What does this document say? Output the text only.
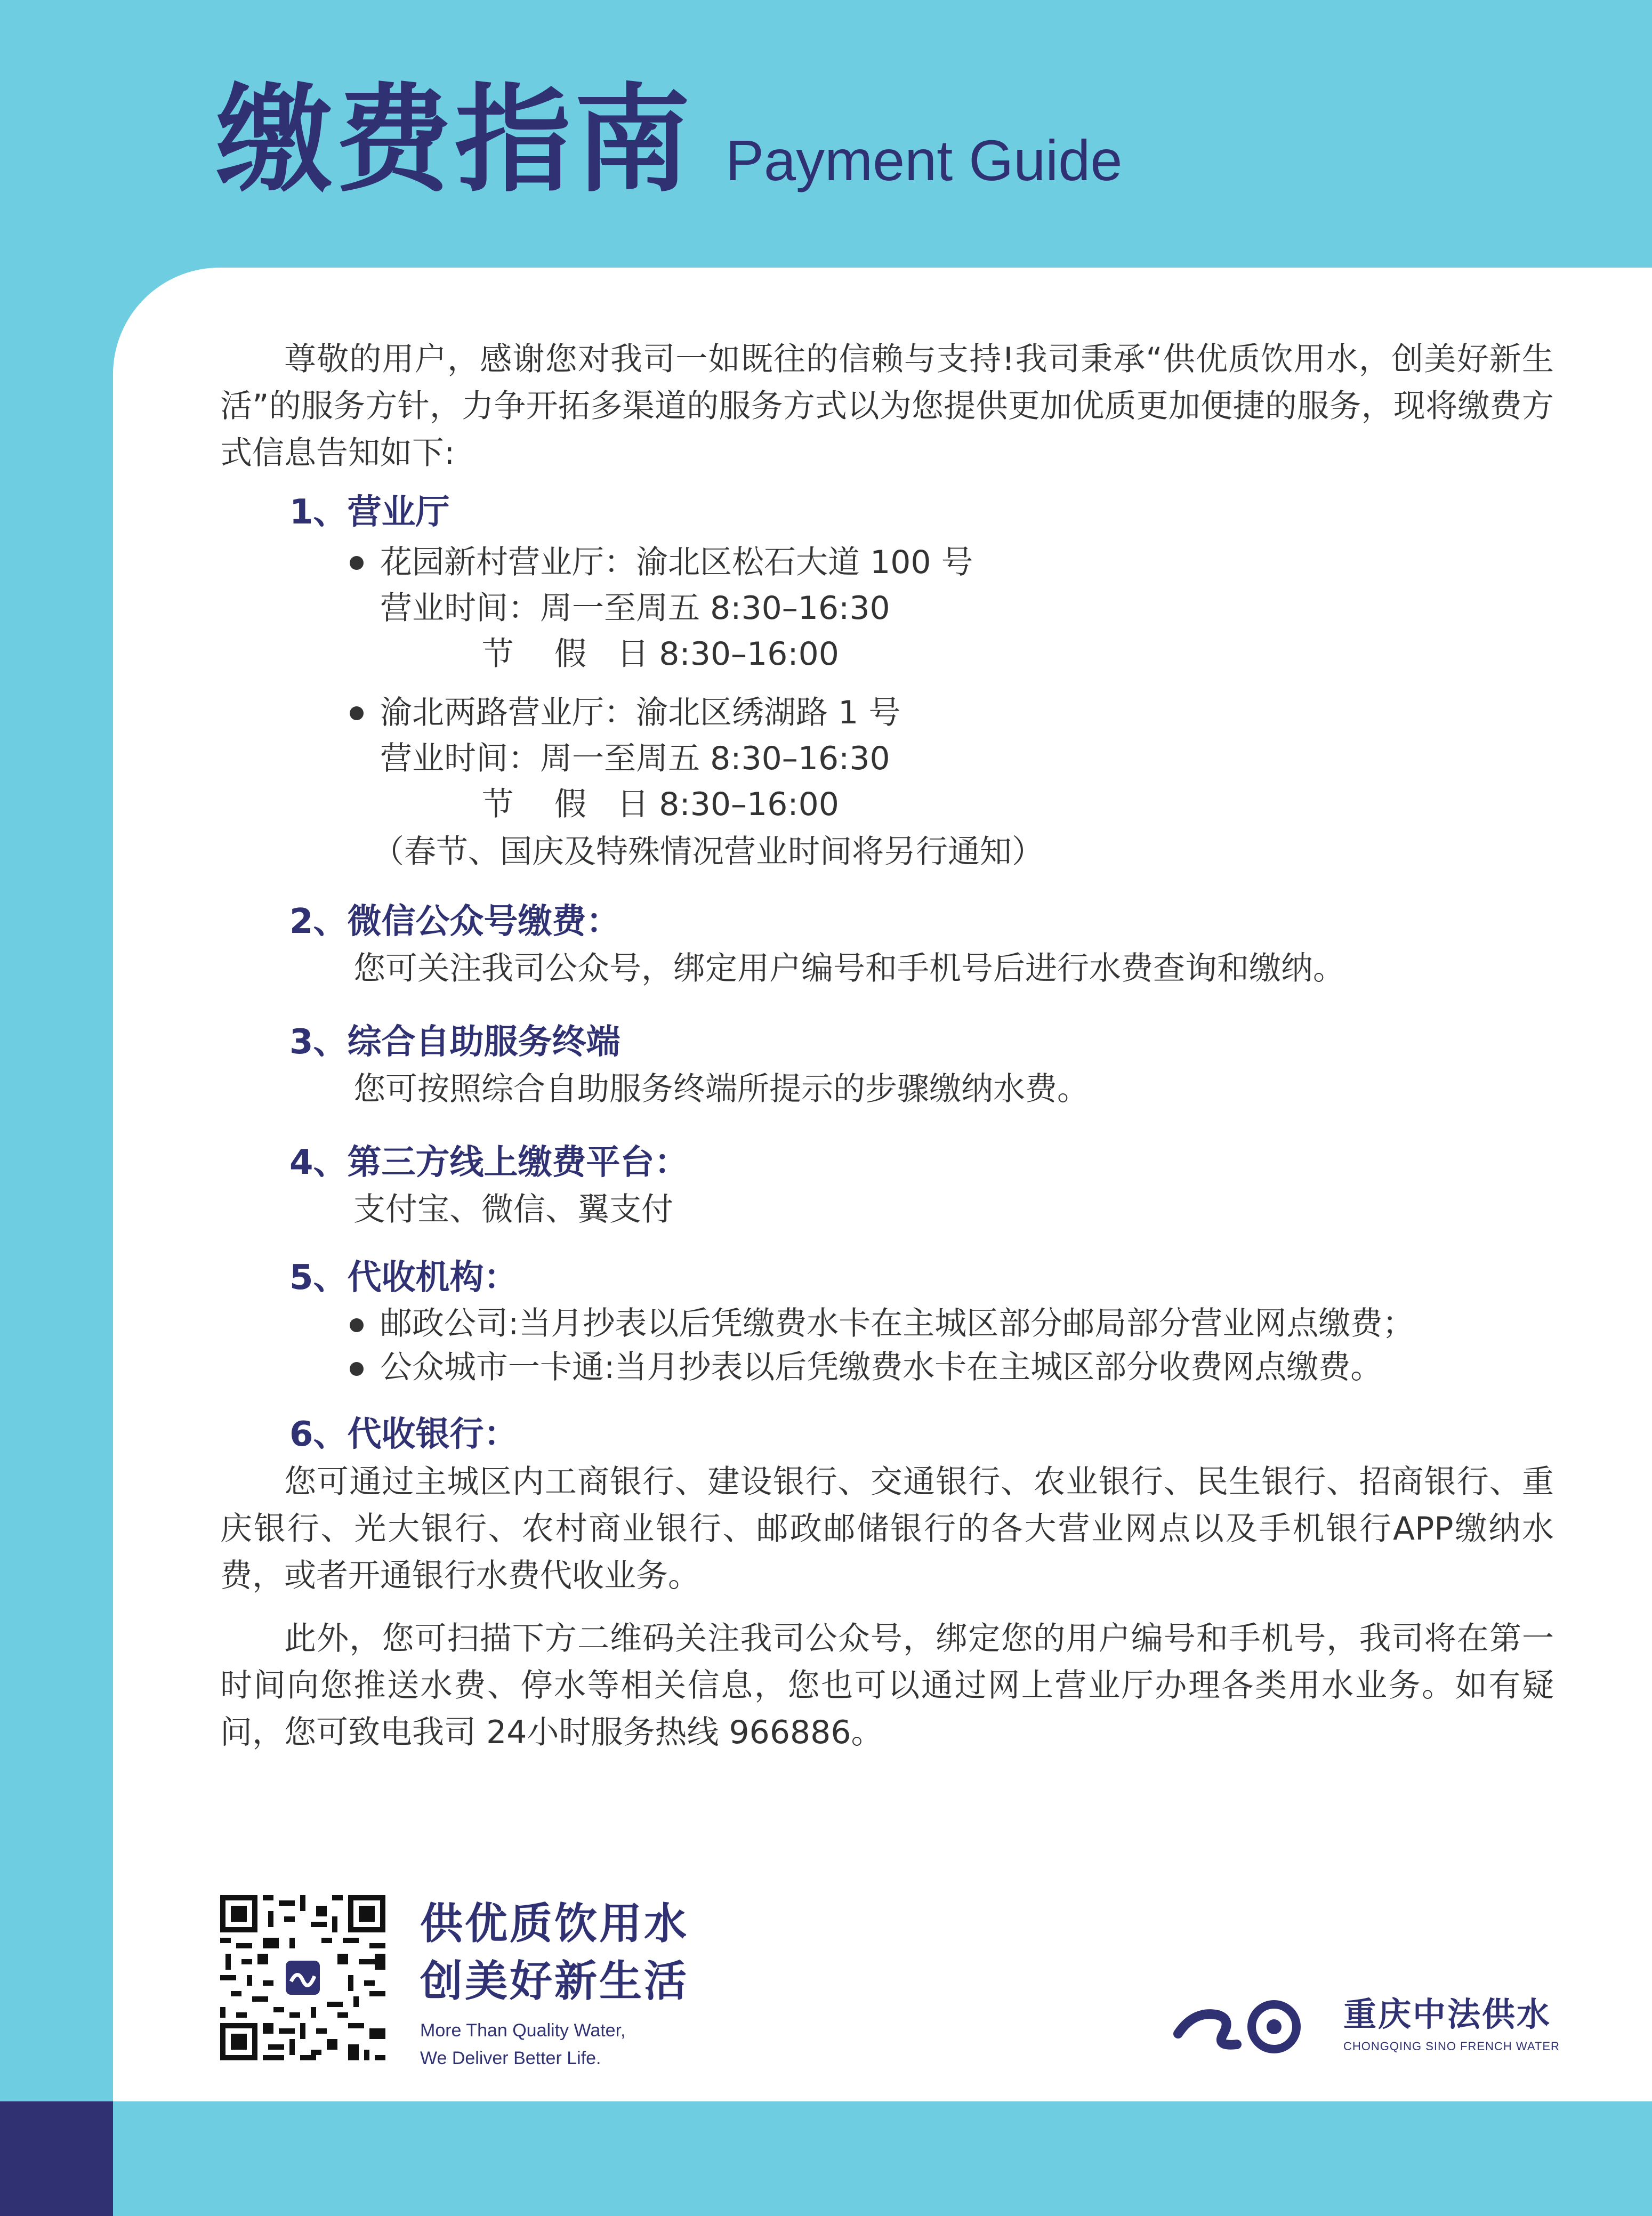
缴费指南 Payment Guide

尊敬的用户，感谢您对我司一如既往的信赖与支持!我司秉承“供优质饮用水，创美好新生活”的服务方针，力争开拓多渠道的服务方式以为您提供更加优质更加便捷的服务，现将缴费方式信息告知如下:

1、营业厅

花园新村营业厅：渝北区松石大道 100 号
营业时间：周一至周五 8:30–16:30
节    假   日 8:30–16:00
渝北两路营业厅：渝北区绣湖路 1 号
营业时间：周一至周五 8:30–16:30
节    假   日 8:30–16:00
（春节、国庆及特殊情况营业时间将另行通知）

2、微信公众号缴费：

您可关注我司公众号，绑定用户编号和手机号后进行水费查询和缴纳。

3、综合自助服务终端

您可按照综合自助服务终端所提示的步骤缴纳水费。

4、第三方线上缴费平台：

支付宝、微信、翼支付

5、代收机构：

邮政公司:当月抄表以后凭缴费水卡在主城区部分邮局部分营业网点缴费；
公众城市一卡通:当月抄表以后凭缴费水卡在主城区部分收费网点缴费。

6、代收银行：

您可通过主城区内工商银行、建设银行、交通银行、农业银行、民生银行、招商银行、重庆银行、光大银行、农村商业银行、邮政邮储银行的各大营业网点以及手机银行APP缴纳水费，或者开通银行水费代收业务。

此外，您可扫描下方二维码关注我司公众号，绑定您的用户编号和手机号，我司将在第一时间向您推送水费、停水等相关信息，您也可以通过网上营业厅办理各类用水业务。如有疑问，您可致电我司 24小时服务热线 966886。

供优质饮用水
创美好新生活
More Than Quality Water,
We Deliver Better Life.
重庆中法供水
CHONGQING SINO FRENCH WATER
